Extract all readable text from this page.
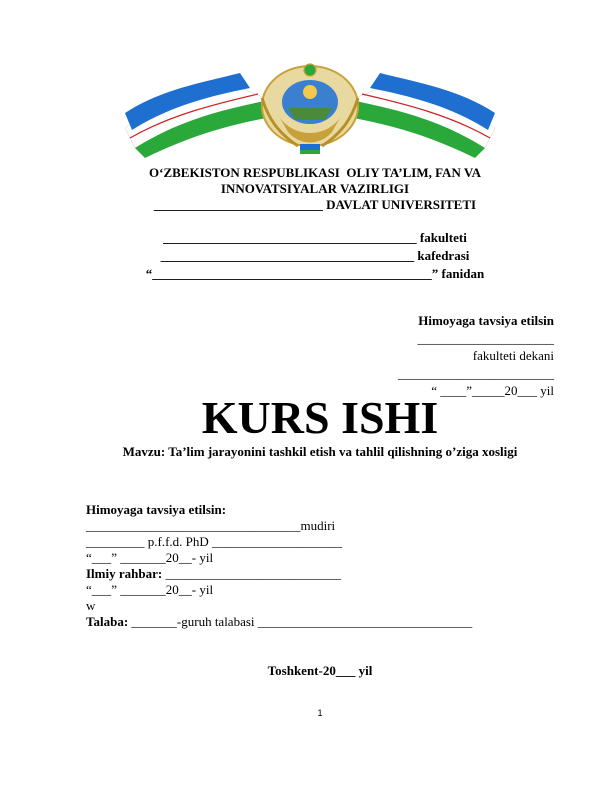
O‘ZBEKISTON RESPUBLIKASI  OLIY TA’LIM, FAN VA
INNOVATSIYALAR VAZIRLIGI
__________________________ DAVLAT UNIVERSITETI
_______________________________________ fakulteti
_______________________________________ kafedrasi
“___________________________________________” fanidan
Himoyaga tavsiya etilsin
_____________________
fakulteti dekani
________________________
“ ____”_____20___ yil
KURS ISHI
Mavzu: Ta’lim jarayonini tashkil etish va tahlil qilishning o’ziga xosligi
Himoyaga tavsiya etilsin:
_________________________________mudiri
_________ p.f.f.d. PhD ____________________
“___” _______20__- yil
Ilmiy rahbar: ___________________________
“___” _______20__- yil
w
Talaba: _______-guruh talabasi _________________________________
Toshkent-20___ yil
1
